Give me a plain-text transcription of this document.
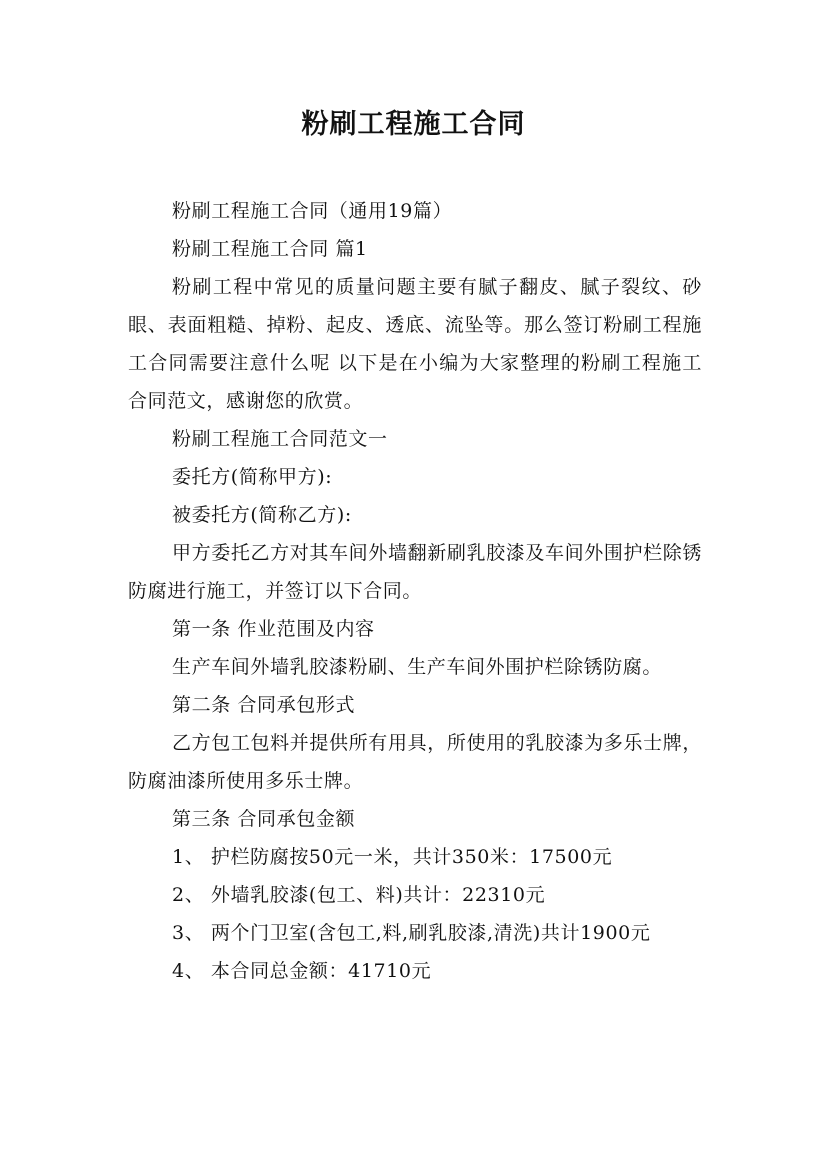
粉刷工程施工合同

粉刷工程施工合同（通用19篇）

粉刷工程施工合同 篇1

粉刷工程中常见的质量问题主要有腻子翻皮、腻子裂纹、砂眼、表面粗糙、掉粉、起皮、透底、流坠等。那么签订粉刷工程施工合同需要注意什么呢 以下是在小编为大家整理的粉刷工程施工合同范文，感谢您的欣赏。

粉刷工程施工合同范文一

委托方(简称甲方):

被委托方(简称乙方):

甲方委托乙方对其车间外墙翻新刷乳胶漆及车间外围护栏除锈防腐进行施工，并签订以下合同。

第一条 作业范围及内容

生产车间外墙乳胶漆粉刷、生产车间外围护栏除锈防腐。

第二条 合同承包形式

乙方包工包料并提供所有用具，所使用的乳胶漆为多乐士牌，防腐油漆所使用多乐士牌。

第三条 合同承包金额

1、 护栏防腐按50元一米，共计350米：17500元

2、 外墙乳胶漆(包工、料)共计：22310元

3、 两个门卫室(含包工,料,刷乳胶漆,清洗)共计1900元

4、 本合同总金额：41710元
